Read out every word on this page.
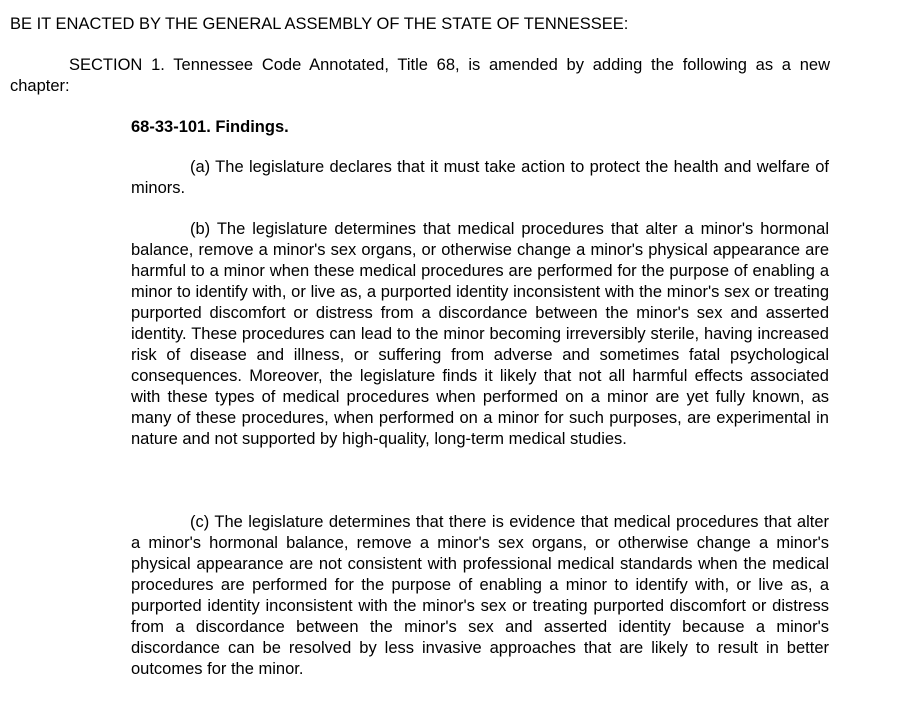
BE IT ENACTED BY THE GENERAL ASSEMBLY OF THE STATE OF TENNESSEE:

SECTION 1. Tennessee Code Annotated, Title 68, is amended by adding the following as a new chapter:

68-33-101. Findings.

(a) The legislature declares that it must take action to protect the health and welfare of minors.

(b) The legislature determines that medical procedures that alter a minor's hormonal balance, remove a minor's sex organs, or otherwise change a minor's physical appearance are harmful to a minor when these medical procedures are performed for the purpose of enabling a minor to identify with, or live as, a purported identity inconsistent with the minor's sex or treating purported discomfort or distress from a discordance between the minor's sex and asserted identity. These procedures can lead to the minor becoming irreversibly sterile, having increased risk of disease and illness, or suffering from adverse and sometimes fatal psychological consequences. Moreover, the legislature finds it likely that not all harmful effects associated with these types of medical procedures when performed on a minor are yet fully known, as many of these procedures, when performed on a minor for such purposes, are experimental in nature and not supported by high-quality, long-term medical studies.

(c) The legislature determines that there is evidence that medical procedures that alter a minor's hormonal balance, remove a minor's sex organs, or otherwise change a minor's physical appearance are not consistent with professional medical standards when the medical procedures are performed for the purpose of enabling a minor to identify with, or live as, a purported identity inconsistent with the minor's sex or treating purported discomfort or distress from a discordance between the minor's sex and asserted identity because a minor's discordance can be resolved by less invasive approaches that are likely to result in better outcomes for the minor.
